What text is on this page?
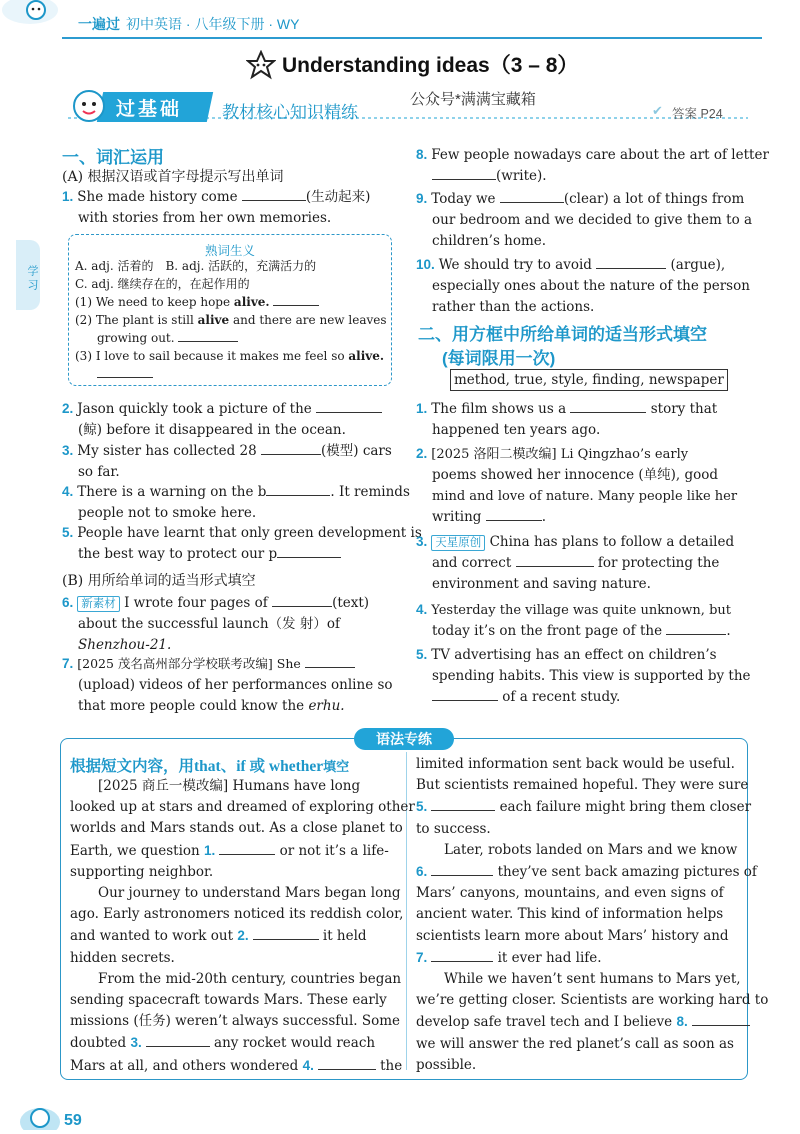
一遍过 初中英语 · 八年级下册 · WY
Understanding ideas（3 – 8）
过基础 教材核心知识精练
公众号*满满宝藏箱
✔ 答案 P24
学 习
一、词汇运用
(A) 根据汉语或首字母提示写出单词
1. She made history come	(生动起来)
with stories from her own memories.
熟词生义
A. adj. 活着的　B. adj. 活跃的，充满活力的
C. adj. 继续存在的，在起作用的
(1) We need to keep hope alive.
(2) The plant is still alive and there are new leaves
growing out.
(3) I love to sail because it makes me feel so alive.
2. Jason quickly took a picture of the
(鲸) before it disappeared in the ocean.
3. My sister has collected 28	(模型) cars
so far.
4. There is a warning on the b	. It reminds
people not to smoke here.
5. People have learnt that only green development is
the best way to protect our p
(B) 用所给单词的适当形式填空
6. 新素材 I wrote four pages of	(text)
about the successful launch（发 射）of
Shenzhou-21.
7. [2025 茂名高州部分学校联考改编] She
(upload) videos of her performances online so
that more people could know the erhu.
8. Few people nowadays care about the art of letter
(write).
9. Today we	(clear) a lot of things from
our bedroom and we decided to give them to a
children’s home.
10. We should try to avoid	(argue),
especially ones about the nature of the person
rather than the actions.
二、用方框中所给单词的适当形式填空
(每词限用一次)
method, true, style, finding, newspaper
1. The film shows us a	story that
happened ten years ago.
2. [2025 洛阳二模改编] Li Qingzhao’s early
poems showed her innocence (单纯), good
mind and love of nature. Many people like her
writing	.
3. 天星原创 China has plans to follow a detailed
and correct	for protecting the
environment and saving nature.
4. Yesterday the village was quite unknown, but
today it’s on the front page of the	.
5. TV advertising has an effect on children’s
spending habits. This view is supported by the
of a recent study.
语法专练
根据短文内容，用that、if 或 whether填空
[2025 商丘一模改编] Humans have long
looked up at stars and dreamed of exploring other
worlds and Mars stands out. As a close planet to
Earth, we question 1.	or not it’s a life-
supporting neighbor.
Our journey to understand Mars began long
ago. Early astronomers noticed its reddish color,
and wanted to work out 2.	it held
hidden secrets.
From the mid-20th century, countries began
sending spacecraft towards Mars. These early
missions (任务) weren’t always successful. Some
doubted 3.	any rocket would reach
Mars at all, and others wondered 4.	the
limited information sent back would be useful.
But scientists remained hopeful. They were sure
5.	each failure might bring them closer
to success.
Later, robots landed on Mars and we know
6.	they’ve sent back amazing pictures of
Mars’ canyons, mountains, and even signs of
ancient water. This kind of information helps
scientists learn more about Mars’ history and
7.	it ever had life.
While we haven’t sent humans to Mars yet,
we’re getting closer. Scientists are working hard to
develop safe travel tech and I believe 8.
we will answer the red planet’s call as soon as
possible.
59
